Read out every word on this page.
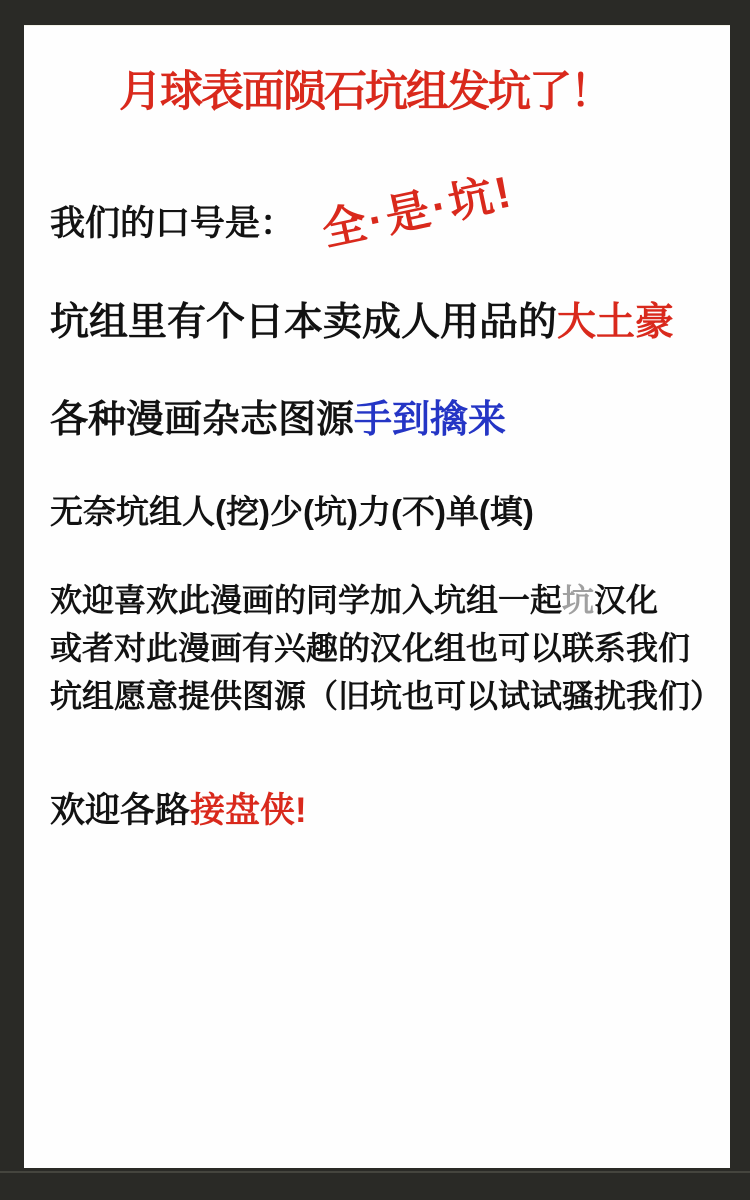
月球表面陨石坑组发坑了！
我们的口号是： 全·是·坑!
坑组里有个日本卖成人用品的大土豪
各种漫画杂志图源手到擒来
无奈坑组人(挖)少(坑)力(不)单(填)
欢迎喜欢此漫画的同学加入坑组一起坑汉化
或者对此漫画有兴趣的汉化组也可以联系我们
坑组愿意提供图源（旧坑也可以试试骚扰我们）
欢迎各路接盘侠!
